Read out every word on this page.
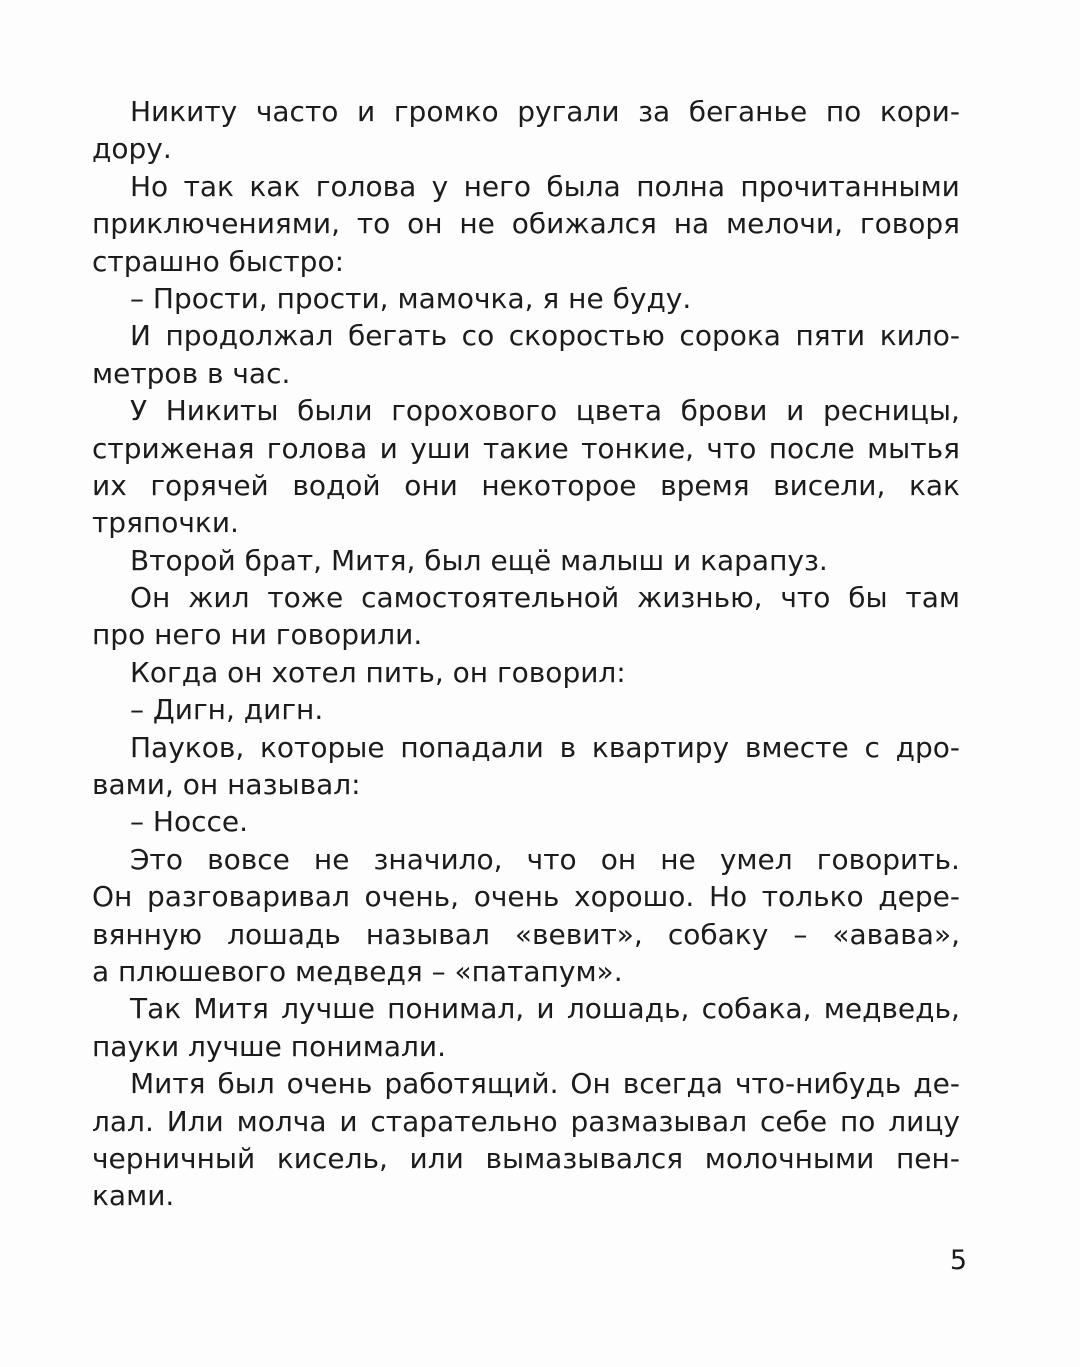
Никиту часто и громко ругали за беганье по кори-
дору.
Но так как голова у него была полна прочитанными
приключениями, то он не обижался на мелочи, говоря
страшно быстро:
– Прости, прости, мамочка, я не буду.
И продолжал бегать со скоростью сорока пяти кило-
метров в час.
У Никиты были горохового цвета брови и ресницы,
стриженая голова и уши такие тонкие, что после мытья
их горячей водой они некоторое время висели, как
тряпочки.
Второй брат, Митя, был ещё малыш и карапуз.
Он жил тоже самостоятельной жизнью, что бы там
про него ни говорили.
Когда он хотел пить, он говорил:
– Дигн, дигн.
Пауков, которые попадали в квартиру вместе с дро-
вами, он называл:
– Носсе.
Это вовсе не значило, что он не умел говорить.
Он разговаривал очень, очень хорошо. Но только дере-
вянную лошадь называл «вевит», собаку – «авава»,
а плюшевого медведя – «патапум».
Так Митя лучше понимал, и лошадь, собака, медведь,
пауки лучше понимали.
Митя был очень работящий. Он всегда что-нибудь де-
лал. Или молча и старательно размазывал себе по лицу
черничный кисель, или вымазывался молочными пен-
ками.
5
